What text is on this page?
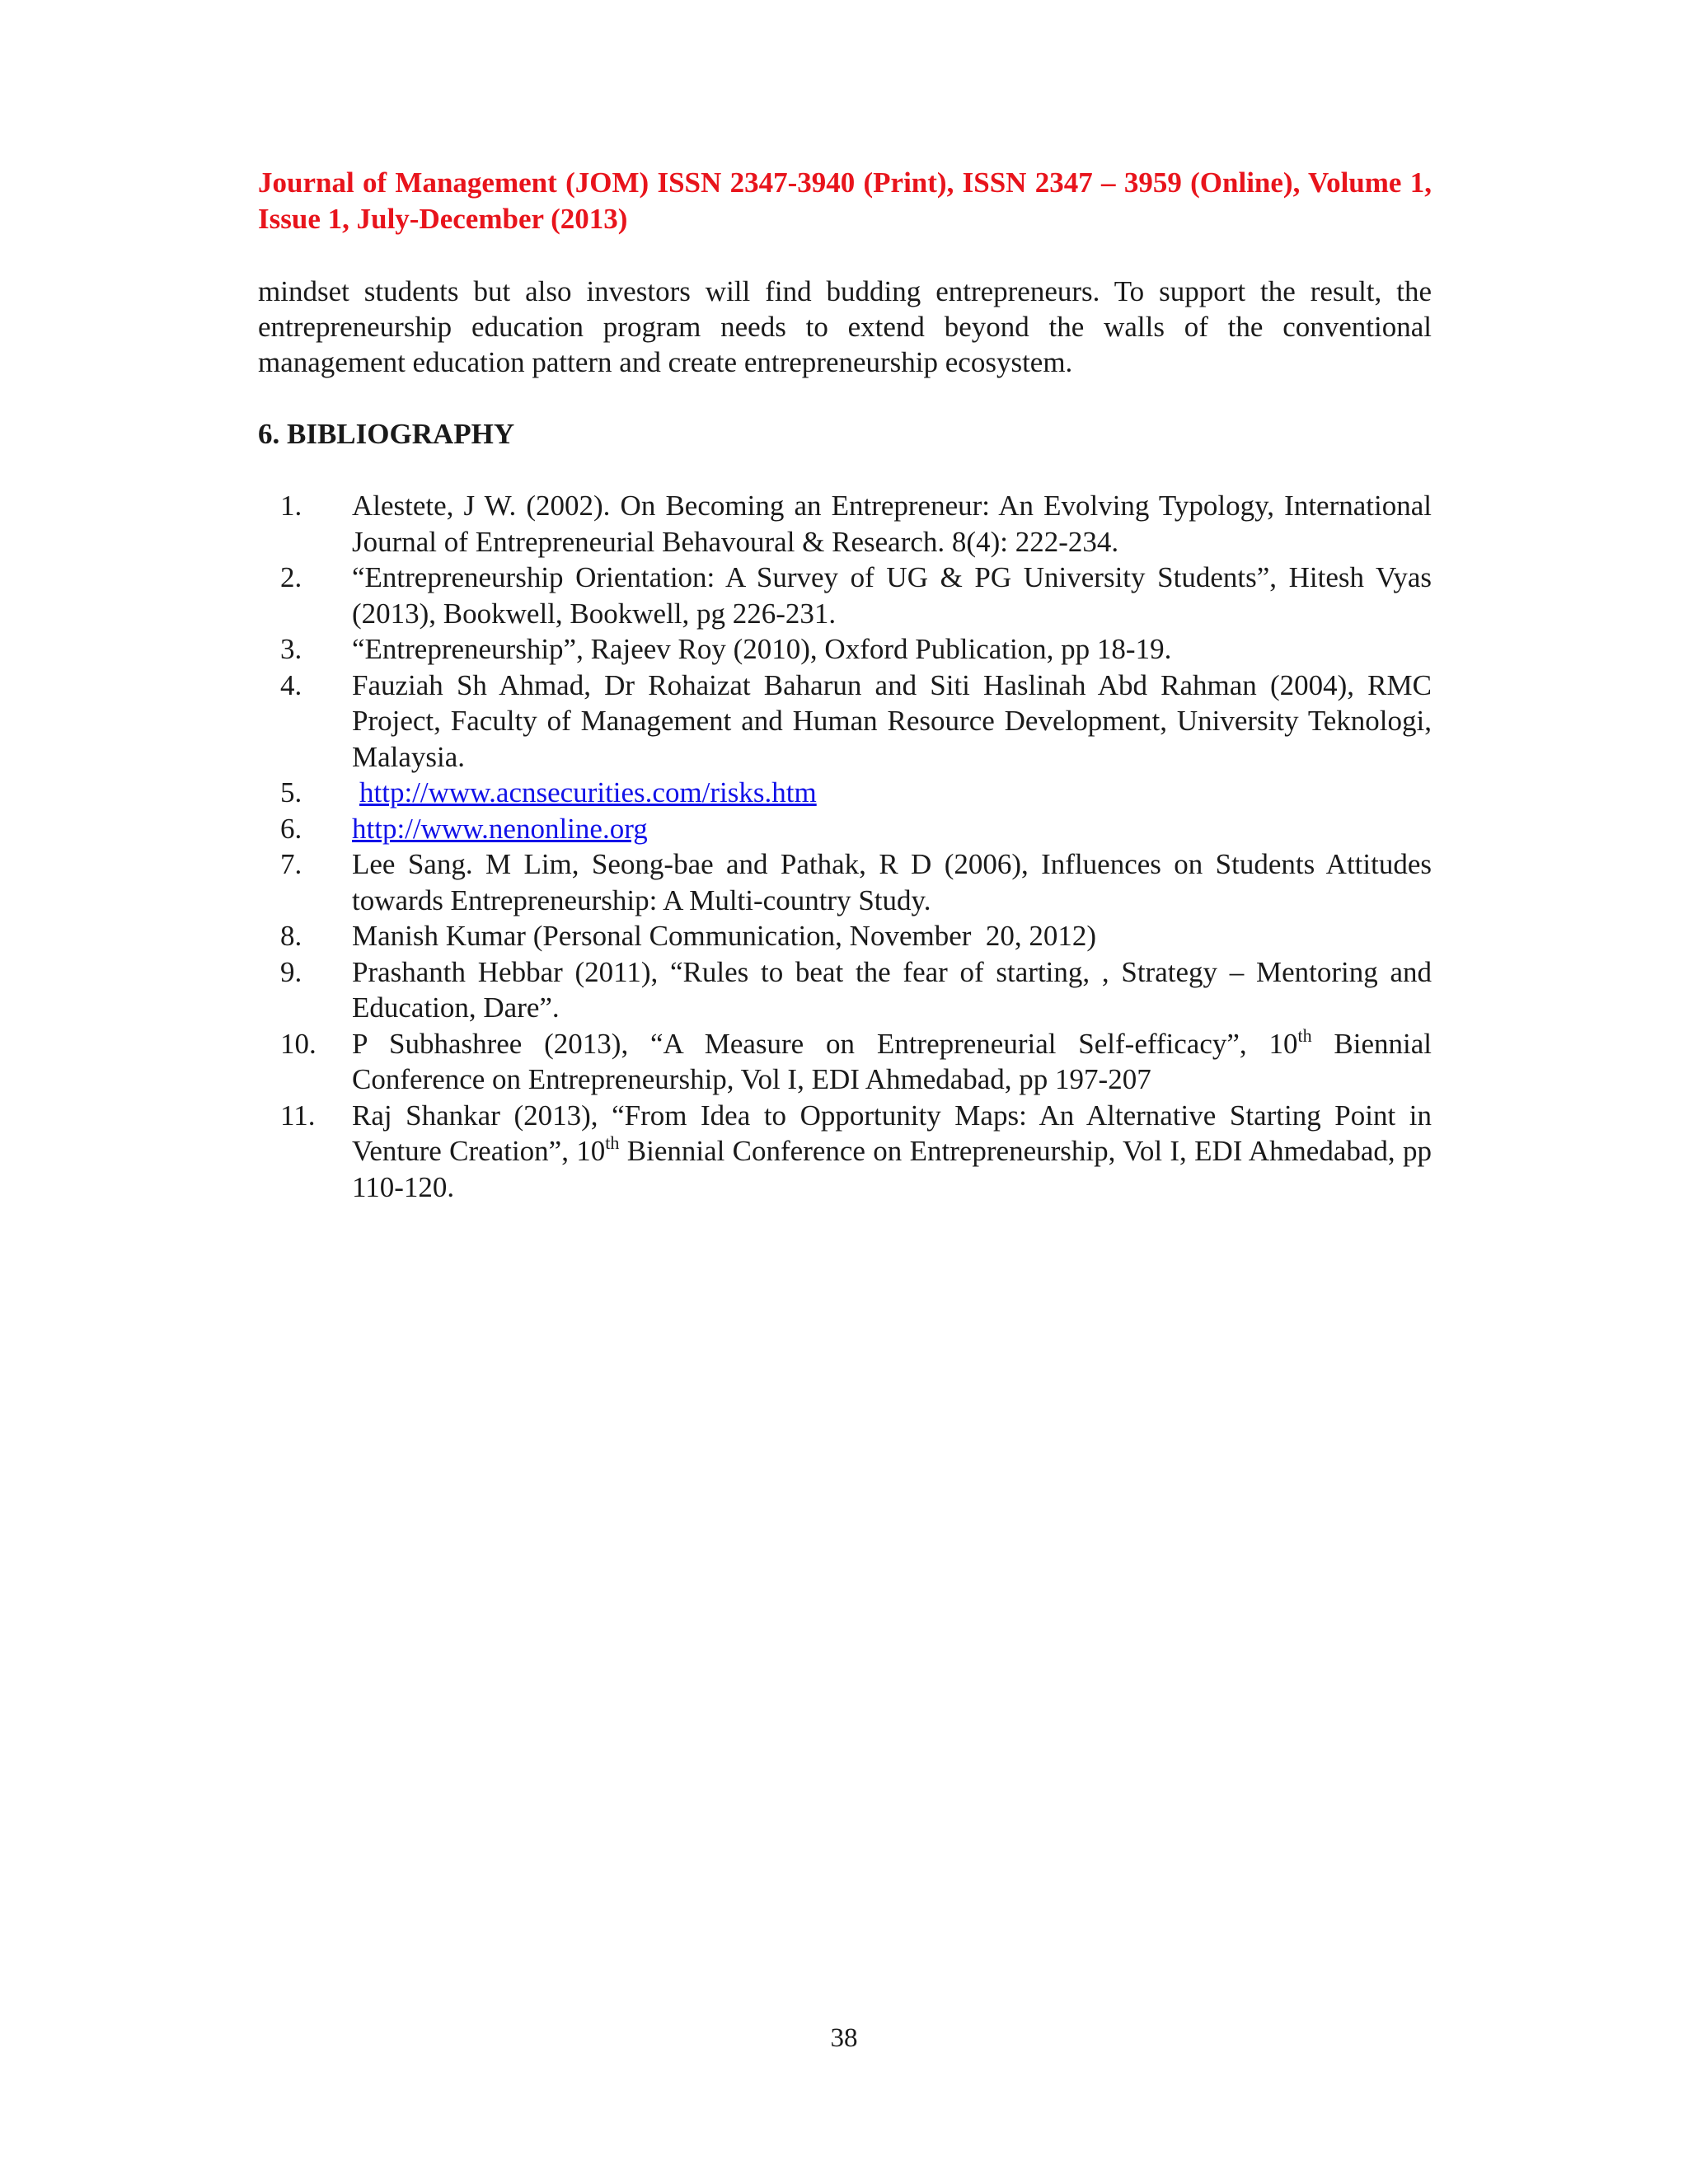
Journal of Management (JOM) ISSN 2347-3940 (Print), ISSN 2347 – 3959 (Online), Volume 1, Issue 1, July-December (2013)

mindset students but also investors will find budding entrepreneurs. To support the result, the entrepreneurship education program needs to extend beyond the walls of the conventional management education pattern and create entrepreneurship ecosystem.

6. BIBLIOGRAPHY
1.	Alestete, J W. (2002). On Becoming an Entrepreneur: An Evolving Typology, International Journal of Entrepreneurial Behavoural & Research. 8(4): 222-234.
2.	“Entrepreneurship Orientation: A Survey of UG & PG University Students”, Hitesh Vyas (2013), Bookwell, Bookwell, pg 226-231.
3.	“Entrepreneurship”, Rajeev Roy (2010), Oxford Publication, pp 18-19.
4.	Fauziah Sh Ahmad, Dr Rohaizat Baharun and Siti Haslinah Abd Rahman (2004), RMC Project, Faculty of Management and Human Resource Development, University Teknologi, Malaysia.
5.	http://www.acnsecurities.com/risks.htm
6.	http://www.nenonline.org
7.	Lee Sang. M Lim, Seong-bae and Pathak, R D (2006), Influences on Students Attitudes towards Entrepreneurship: A Multi-country Study.
8.	Manish Kumar (Personal Communication, November  20, 2012)
9.	Prashanth Hebbar (2011), “Rules to beat the fear of starting, , Strategy – Mentoring and Education, Dare”.
10.	P Subhashree (2013), “A Measure on Entrepreneurial Self-efficacy”, 10th Biennial Conference on Entrepreneurship, Vol I, EDI Ahmedabad, pp 197-207
11.	Raj Shankar (2013), “From Idea to Opportunity Maps: An Alternative Starting Point in Venture Creation”, 10th Biennial Conference on Entrepreneurship, Vol I, EDI Ahmedabad, pp 110-120.

38
